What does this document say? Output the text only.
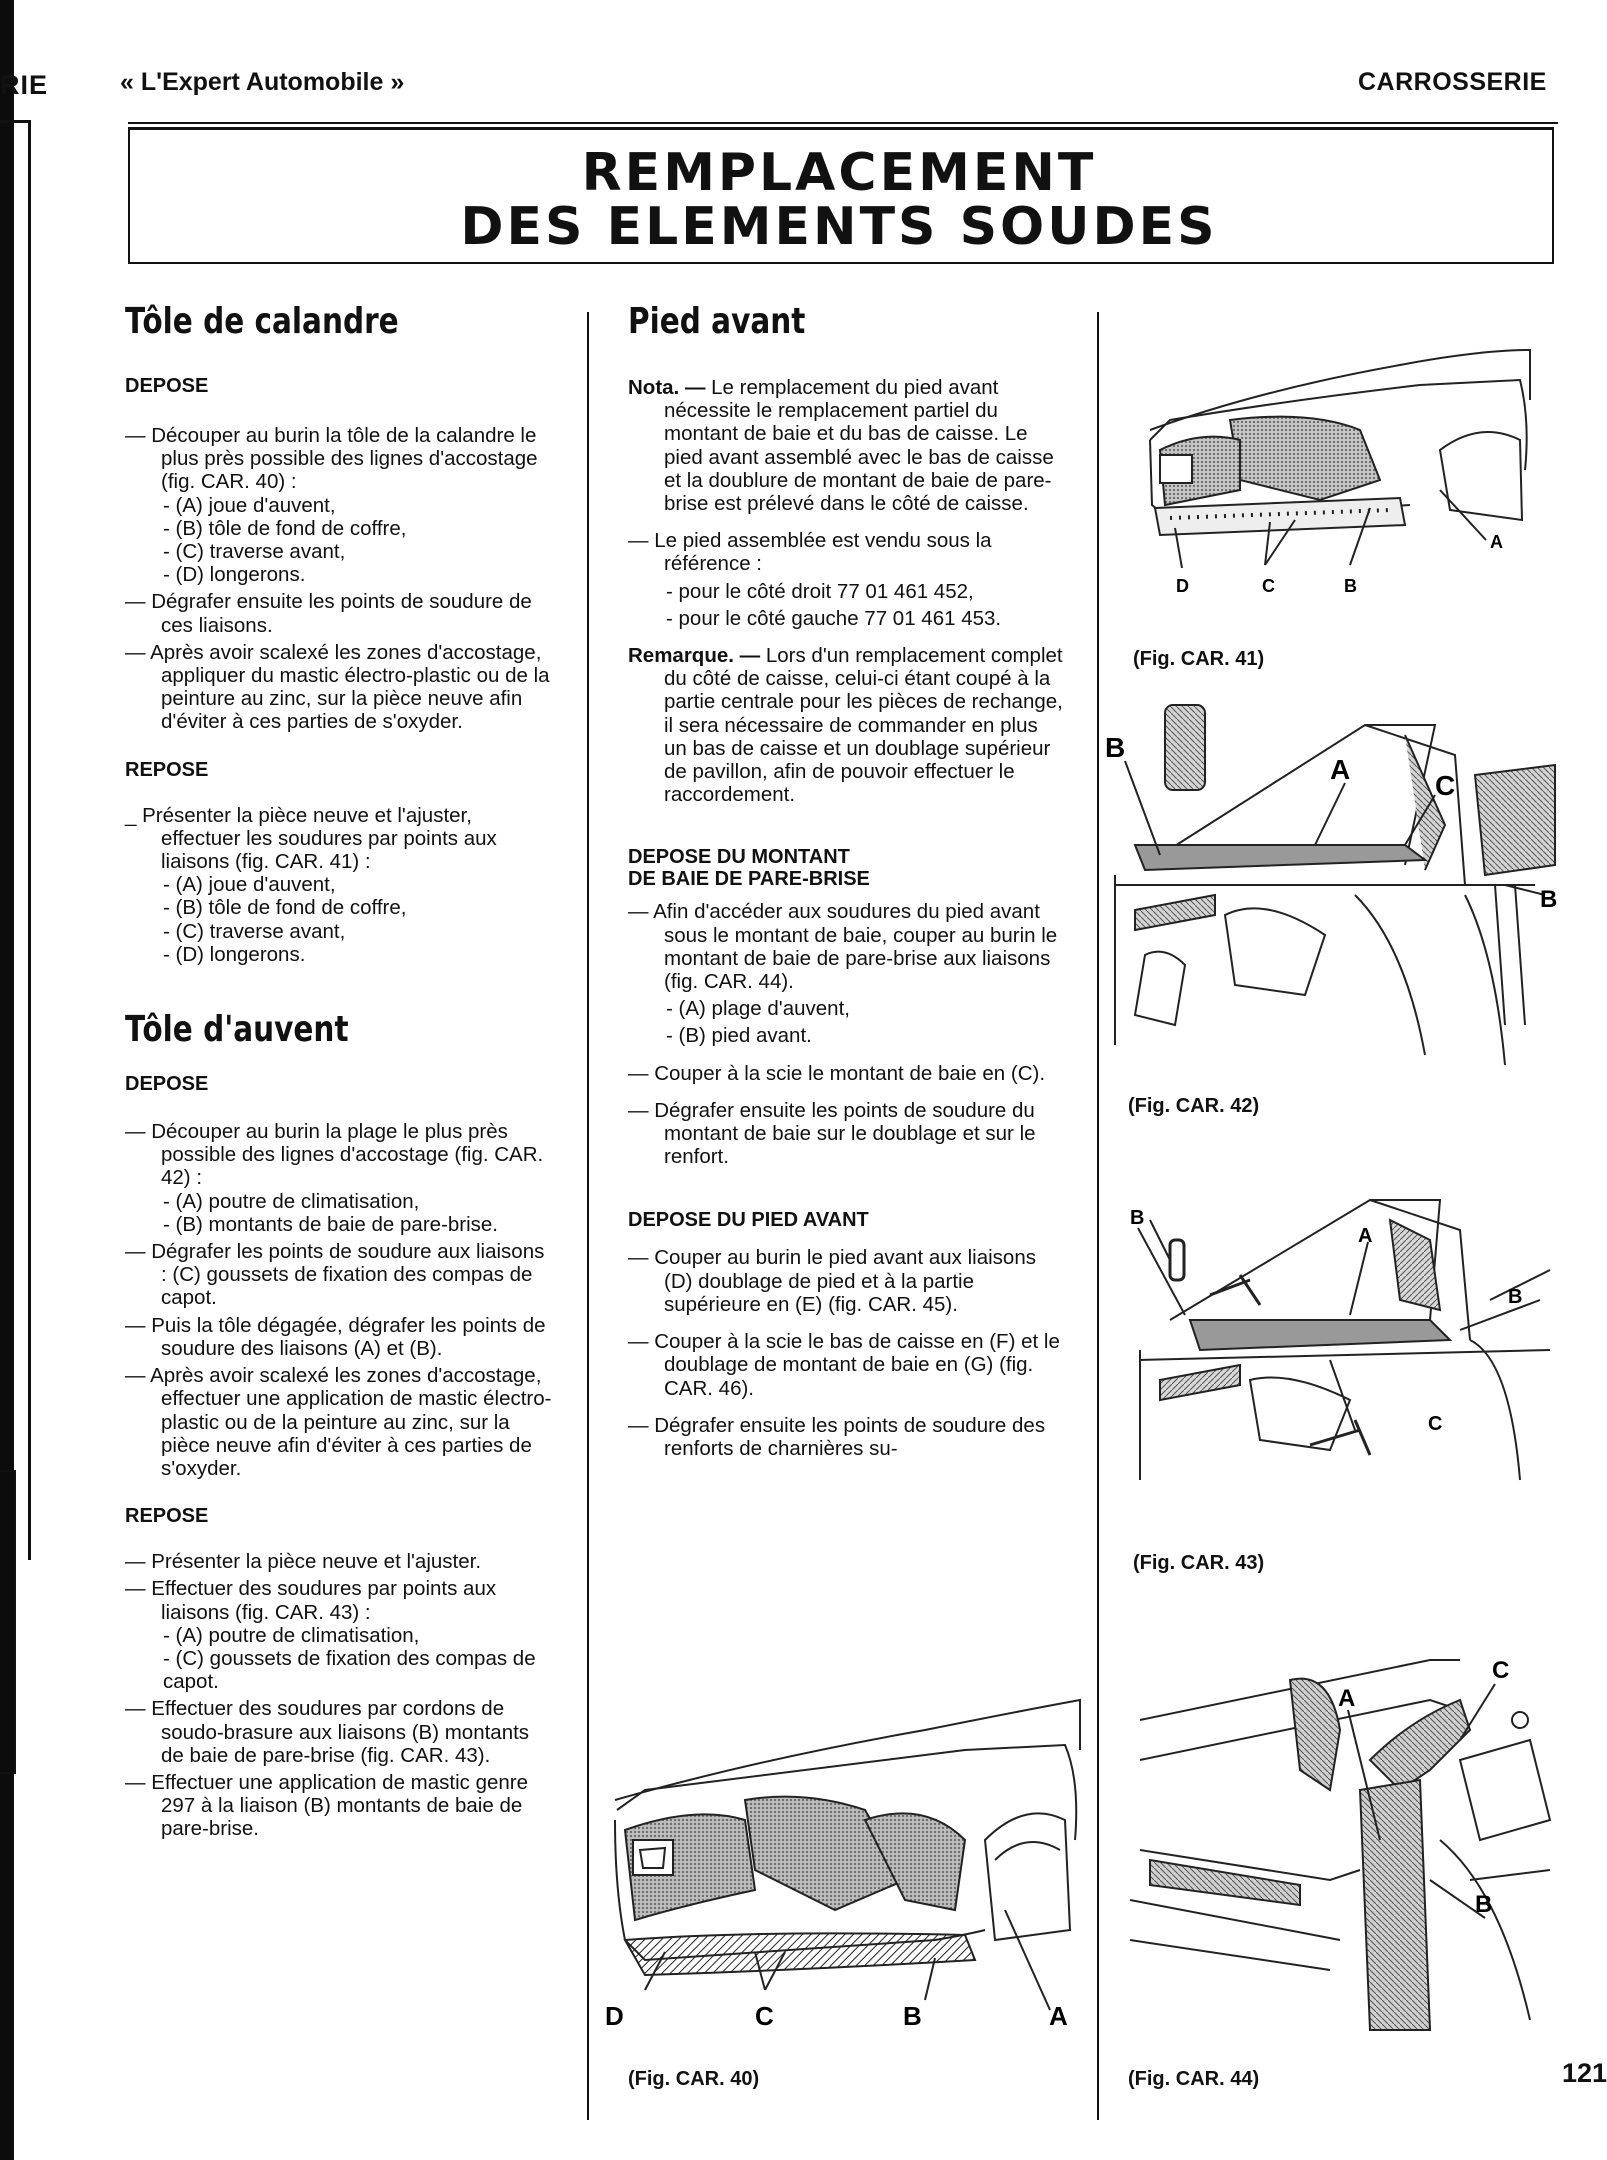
RIE	« L'Expert Automobile »	CARROSSERIE
REMPLACEMENT
DES ELEMENTS SOUDES
Tôle de calandre
DEPOSE

— Découper au burin la tôle de la calandre le plus près possible des lignes d'accostage (fig. CAR. 40) :

- (A) joue d'auvent,
- (B) tôle de fond de coffre,
- (C) traverse avant,
- (D) longerons.

— Dégrafer ensuite les points de soudure de ces liaisons.

— Après avoir scalexé les zones d'accostage, appliquer du mastic électro-plastic ou de la peinture au zinc, sur la pièce neuve afin d'éviter à ces parties de s'oxyder.

REPOSE

_ Présenter la pièce neuve et l'ajuster, effectuer les soudures par points aux liaisons (fig. CAR. 41) :

- (A) joue d'auvent,
- (B) tôle de fond de coffre,
- (C) traverse avant,
- (D) longerons.
Tôle d'auvent
DEPOSE

— Découper au burin la plage le plus près possible des lignes d'accostage (fig. CAR. 42) :

- (A) poutre de climatisation,
- (B) montants de baie de pare-brise.

— Dégrafer les points de soudure aux liaisons : (C) goussets de fixation des compas de capot.

— Puis la tôle dégagée, dégrafer les points de soudure des liaisons (A) et (B).

— Après avoir scalexé les zones d'accostage, effectuer une application de mastic électro-plastic ou de la peinture au zinc, sur la pièce neuve afin d'éviter à ces parties de s'oxyder.

REPOSE

— Présenter la pièce neuve et l'ajuster.

— Effectuer des soudures par points aux liaisons (fig. CAR. 43) :

- (A) poutre de climatisation,
- (C) goussets de fixation des compas de capot.

— Effectuer des soudures par cordons de soudo-brasure aux liaisons (B) montants de baie de pare-brise (fig. CAR. 43).

— Effectuer une application de mastic genre 297 à la liaison (B) montants de baie de pare-brise.

Pied avant

Nota. — Le remplacement du pied avant nécessite le remplacement partiel du montant de baie et du bas de caisse. Le pied avant assemblé avec le bas de caisse et la doublure de montant de baie de pare-brise est prélevé dans le côté de caisse.

— Le pied assemblée est vendu sous la référence :

- pour le côté droit 77 01 461 452,
- pour le côté gauche 77 01 461 453.

Remarque. — Lors d'un remplacement complet du côté de caisse, celui-ci étant coupé à la partie centrale pour les pièces de rechange, il sera nécessaire de commander en plus un bas de caisse et un doublage supérieur de pavillon, afin de pouvoir effectuer le raccordement.

DEPOSE DU MONTANT
DE BAIE DE PARE-BRISE

— Afin d'accéder aux soudures du pied avant sous le montant de baie, couper au burin le montant de baie de pare-brise aux liaisons (fig. CAR. 44).

- (A) plage d'auvent,
- (B) pied avant.

— Couper à la scie le montant de baie en (C).

— Dégrafer ensuite les points de soudure du montant de baie sur le doublage et sur le renfort.

DEPOSE DU PIED AVANT

— Couper au burin le pied avant aux liaisons (D) doublage de pied et à la partie supérieure en (E) (fig. CAR. 45).

— Couper à la scie le bas de caisse en (F) et le doublage de montant de baie en (G) (fig. CAR. 46).

— Dégrafer ensuite les points de soudure des renforts de charnières su-

D	C	B	A
(Fig. CAR. 40)
D	C	B
A
(Fig. CAR. 41)
B
A
C
B
(Fig. CAR. 42)
B
A
B
C
(Fig. CAR. 43)
A
C
B
(Fig. CAR. 44)	121
